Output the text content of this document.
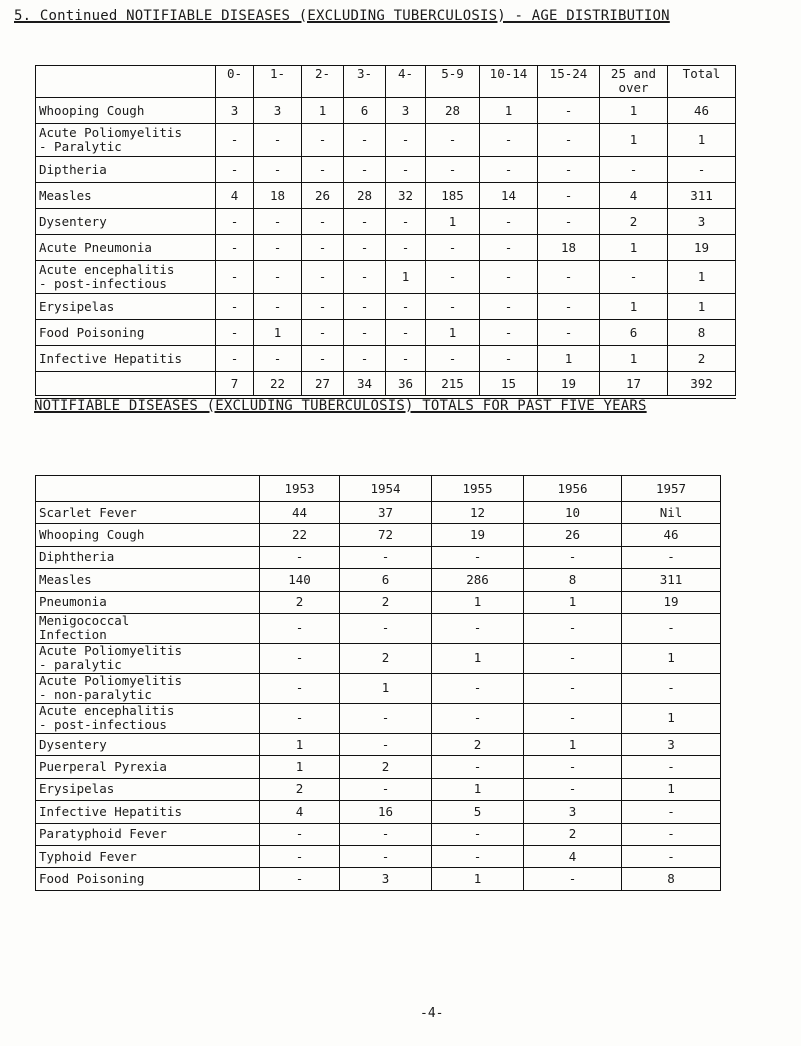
5. Continued NOTIFIABLE DISEASES (EXCLUDING TUBERCULOSIS) - AGE DISTRIBUTION
	0-	1-	2-	3-	4-	5-9	10-14	15-24	25 and over	Total
Whooping Cough	3	3	1	6	3	28	1	-	1	46
Acute Poliomyelitis
- Paralytic	-	-	-	-	-	-	-	-	1	1
Diptheria	-	-	-	-	-	-	-	-	-	-
Measles	4	18	26	28	32	185	14	-	4	311
Dysentery	-	-	-	-	-	1	-	-	2	3
Acute Pneumonia	-	-	-	-	-	-	-	18	1	19
Acute encephalitis
- post-infectious	-	-	-	-	1	-	-	-	-	1
Erysipelas	-	-	-	-	-	-	-	-	1	1
Food Poisoning	-	1	-	-	-	1	-	-	6	8
Infective Hepatitis	-	-	-	-	-	-	-	1	1	2
	7	22	27	34	36	215	15	19	17	392
NOTIFIABLE DISEASES (EXCLUDING TUBERCULOSIS) TOTALS FOR PAST FIVE YEARS
	1953	1954	1955	1956	1957
Scarlet Fever	44	37	12	10	Nil
Whooping Cough	22	72	19	26	46
Diphtheria	-	-	-	-	-
Measles	140	6	286	8	311
Pneumonia	2	2	1	1	19
Menigococcal
Infection	-	-	-	-	-
Acute Poliomyelitis
- paralytic	-	2	1	-	1
Acute Poliomyelitis
- non-paralytic	-	1	-	-	-
Acute encephalitis
- post-infectious	-	-	-	-	1
Dysentery	1	-	2	1	3
Puerperal Pyrexia	1	2	-	-	-
Erysipelas	2	-	1	-	1
Infective Hepatitis	4	16	5	3	-
Paratyphoid Fever	-	-	-	2	-
Typhoid Fever	-	-	-	4	-
Food Poisoning	-	3	1	-	8
-4-
